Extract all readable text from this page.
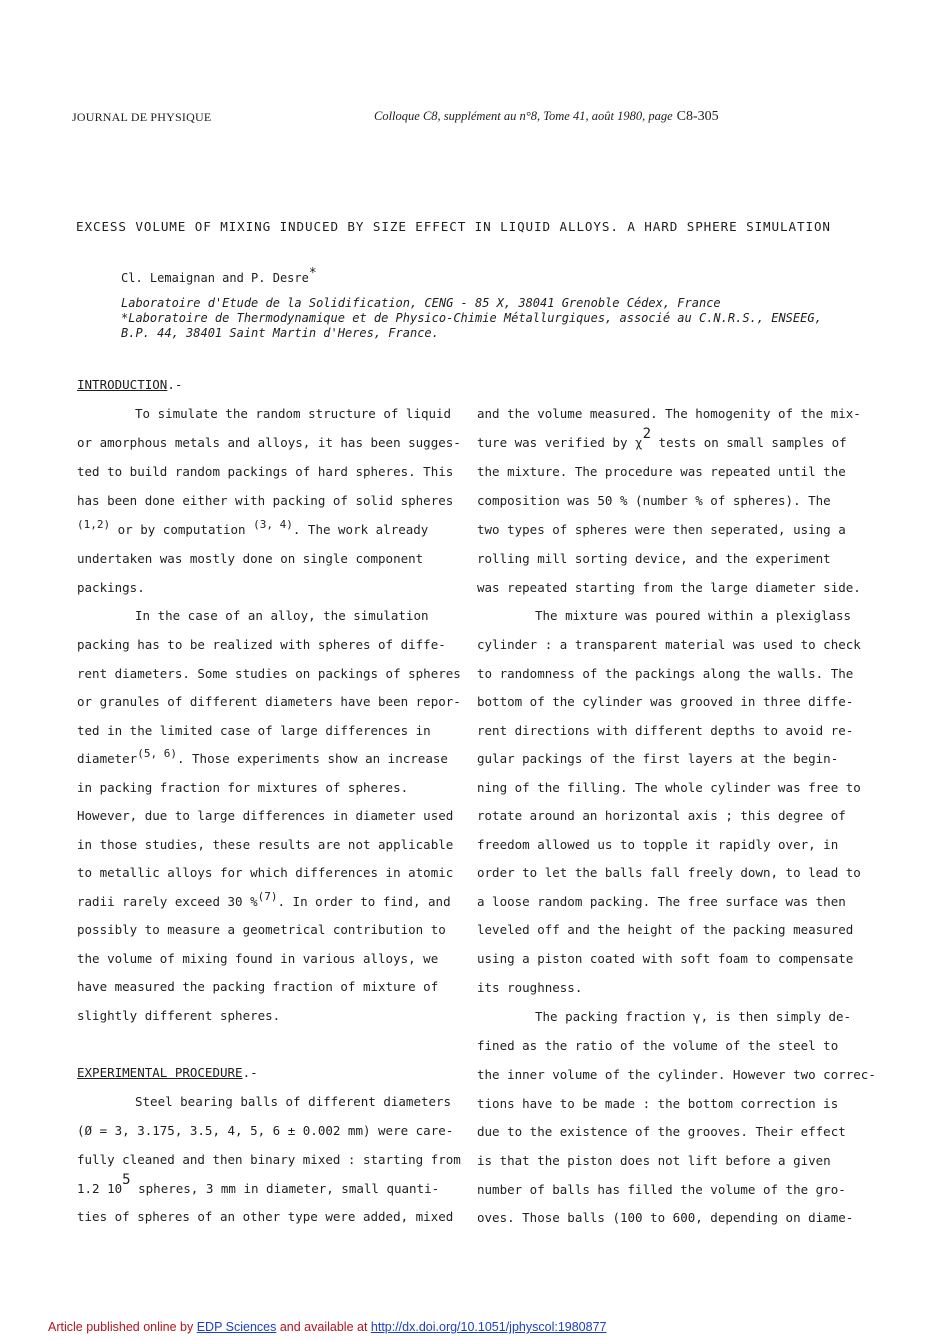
JOURNAL DE PHYSIQUE	Colloque C8, supplément au n°8, Tome 41, août 1980, page C8-305
EXCESS VOLUME OF MIXING INDUCED BY SIZE EFFECT IN LIQUID ALLOYS. A HARD SPHERE SIMULATION
Cl. Lemaignan and P. Desre*
Laboratoire d'Etude de la Solidification, CENG - 85 X, 38041 Grenoble Cédex, France
*Laboratoire de Thermodynamique et de Physico-Chimie Métallurgiques, associé au C.N.R.S., ENSEEG,
B.P. 44, 38401 Saint Martin d'Heres, France.
INTRODUCTION.-
To simulate the random structure of liquid
or amorphous metals and alloys, it has been sugges-
ted to build random packings of hard spheres. This
has been done either with packing of solid spheres
(1,2) or by computation (3, 4). The work already
undertaken was mostly done on single component
packings.
In the case of an alloy, the simulation
packing has to be realized with spheres of diffe-
rent diameters. Some studies on packings of spheres
or granules of different diameters have been repor-
ted in the limited case of large differences in
diameter(5, 6). Those experiments show an increase
in packing fraction for mixtures of spheres.
However, due to large differences in diameter used
in those studies, these results are not applicable
to metallic alloys for which differences in atomic
radii rarely exceed 30 %(7). In order to find, and
possibly to measure a geometrical contribution to
the volume of mixing found in various alloys, we
have measured the packing fraction of mixture of
slightly different spheres.
EXPERIMENTAL PROCEDURE.-
Steel bearing balls of different diameters
(Ø = 3, 3.175, 3.5, 4, 5, 6 ± 0.002 mm) were care-
fully cleaned and then binary mixed : starting from
1.2 105 spheres, 3 mm in diameter, small quanti-
ties of spheres of an other type were added, mixed
and the volume measured. The homogenity of the mix-
ture was verified by χ2 tests on small samples of
the mixture. The procedure was repeated until the
composition was 50 % (number % of spheres). The
two types of spheres were then seperated, using a
rolling mill sorting device, and the experiment
was repeated starting from the large diameter side.
The mixture was poured within a plexiglass
cylinder : a transparent material was used to check
to randomness of the packings along the walls. The
bottom of the cylinder was grooved in three diffe-
rent directions with different depths to avoid re-
gular packings of the first layers at the begin-
ning of the filling. The whole cylinder was free to
rotate around an horizontal axis ; this degree of
freedom allowed us to topple it rapidly over, in
order to let the balls fall freely down, to lead to
a loose random packing. The free surface was then
leveled off and the height of the packing measured
using a piston coated with soft foam to compensate
its roughness.
The packing fraction γ, is then simply de-
fined as the ratio of the volume of the steel to
the inner volume of the cylinder. However two correc-
tions have to be made : the bottom correction is
due to the existence of the grooves. Their effect
is that the piston does not lift before a given
number of balls has filled the volume of the gro-
oves. Those balls (100 to 600, depending on diame-
Article published online by EDP Sciences and available at http://dx.doi.org/10.1051/jphyscol:1980877
